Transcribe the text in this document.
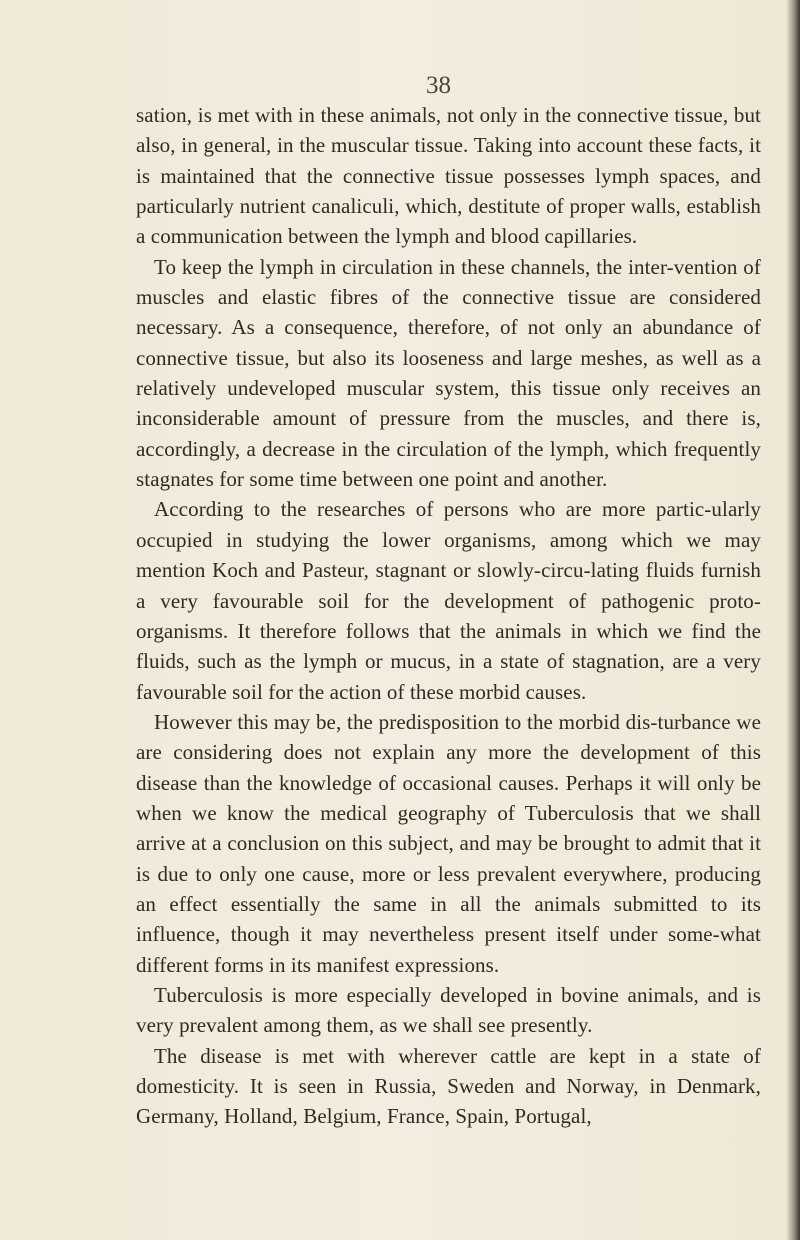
38

sation, is met with in these animals, not only in the connective tissue, but also, in general, in the muscular tissue. Taking into account these facts, it is maintained that the connective tissue possesses lymph spaces, and particularly nutrient canaliculi, which, destitute of proper walls, establish a communication between the lymph and blood capillaries.

To keep the lymph in circulation in these channels, the inter-vention of muscles and elastic fibres of the connective tissue are considered necessary. As a consequence, therefore, of not only an abundance of connective tissue, but also its looseness and large meshes, as well as a relatively undeveloped muscular system, this tissue only receives an inconsiderable amount of pressure from the muscles, and there is, accordingly, a decrease in the circulation of the lymph, which frequently stagnates for some time between one point and another.

According to the researches of persons who are more partic-ularly occupied in studying the lower organisms, among which we may mention Koch and Pasteur, stagnant or slowly-circu-lating fluids furnish a very favourable soil for the development of pathogenic proto-organisms. It therefore follows that the animals in which we find the fluids, such as the lymph or mucus, in a state of stagnation, are a very favourable soil for the action of these morbid causes.

However this may be, the predisposition to the morbid dis-turbance we are considering does not explain any more the development of this disease than the knowledge of occasional causes. Perhaps it will only be when we know the medical geography of Tuberculosis that we shall arrive at a conclusion on this subject, and may be brought to admit that it is due to only one cause, more or less prevalent everywhere, producing an effect essentially the same in all the animals submitted to its influence, though it may nevertheless present itself under some-what different forms in its manifest expressions.

Tuberculosis is more especially developed in bovine animals, and is very prevalent among them, as we shall see presently.

The disease is met with wherever cattle are kept in a state of domesticity. It is seen in Russia, Sweden and Norway, in Denmark, Germany, Holland, Belgium, France, Spain, Portugal,
